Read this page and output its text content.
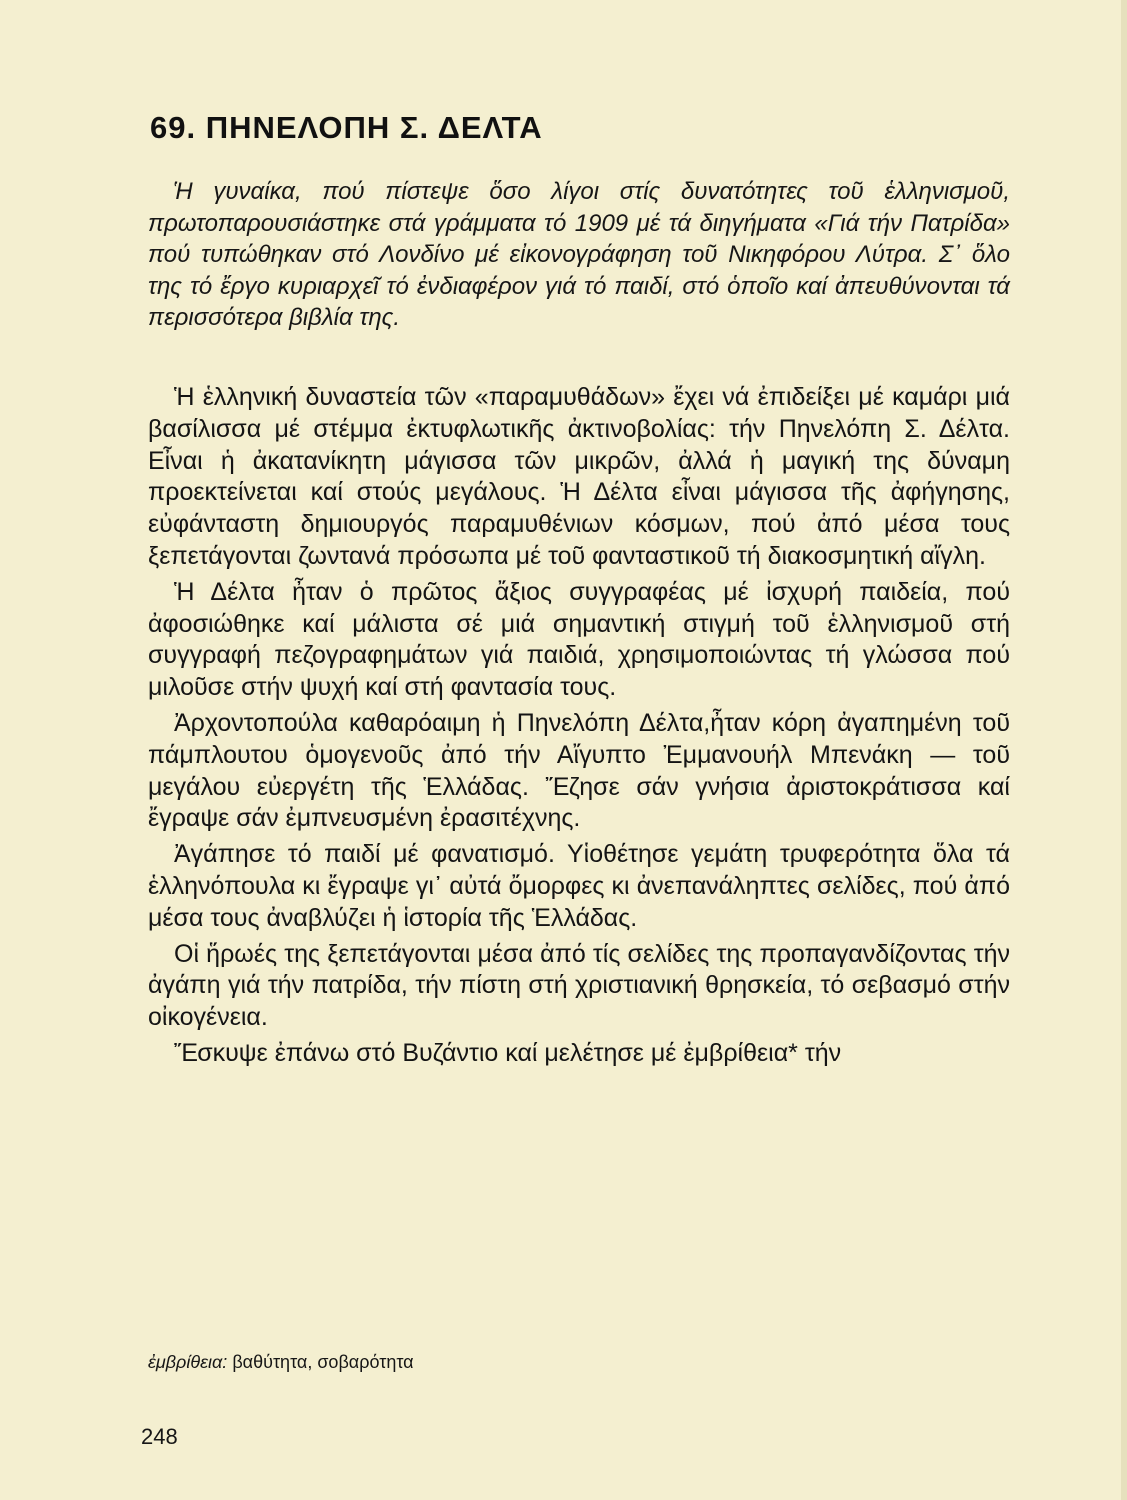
69. ΠΗΝΕΛΟΠΗ Σ. ΔΕΛΤΑ

Ἡ γυναίκα, πού πίστεψε ὅσο λίγοι στίς δυνατότητες τοῦ ἑλληνισμοῦ, πρωτοπαρουσιάστηκε στά γράμματα τό 1909 μέ τά διηγήματα «Γιά τήν Πατρίδα» πού τυπώθηκαν στό Λονδίνο μέ εἰκονογράφηση τοῦ Νικηφόρου Λύτρα. Σ᾿ ὅλο της τό ἔργο κυριαρχεῖ τό ἐνδιαφέρον γιά τό παιδί, στό ὁποῖο καί ἀπευθύνονται τά περισσότερα βιβλία της.

Ἡ ἑλληνική δυναστεία τῶν «παραμυθάδων» ἔχει νά ἐπιδείξει μέ καμάρι μιά βασίλισσα μέ στέμμα ἐκτυφλωτικῆς ἀκτινοβολίας: τήν Πηνελόπη Σ. Δέλτα. Εἶναι ἡ ἀκατανίκητη μάγισσα τῶν μικρῶν, ἀλλά ἡ μαγική της δύναμη προεκτείνεται καί στούς μεγάλους. Ἡ Δέλτα εἶναι μάγισσα τῆς ἀφήγησης, εὐφάνταστη δημιουργός παραμυθένιων κόσμων, πού ἀπό μέσα τους ξεπετάγονται ζωντανά πρόσωπα μέ τοῦ φανταστικοῦ τή διακοσμητική αἴγλη.

Ἡ Δέλτα ἦταν ὁ πρῶτος ἄξιος συγγραφέας μέ ἰσχυρή παιδεία, πού ἀφοσιώθηκε καί μάλιστα σέ μιά σημαντική στιγμή τοῦ ἑλληνισμοῦ στή συγγραφή πεζογραφημάτων γιά παιδιά, χρησιμοποιώντας τή γλώσσα πού μιλοῦσε στήν ψυχή καί στή φαντασία τους.

Ἀρχοντοπούλα καθαρόαιμη ἡ Πηνελόπη Δέλτα,ἦταν κόρη ἀγαπημένη τοῦ πάμπλουτου ὁμογενοῦς ἀπό τήν Αἴγυπτο Ἐμμανουήλ Μπενάκη — τοῦ μεγάλου εὐεργέτη τῆς Ἑλλάδας. Ἔζησε σάν γνήσια ἀριστοκράτισσα καί ἔγραψε σάν ἐμπνευσμένη ἐρασιτέχνης.

Ἀγάπησε τό παιδί μέ φανατισμό. Υἱοθέτησε γεμάτη τρυφερότητα ὅλα τά ἑλληνόπουλα κι ἔγραψε γι᾿ αὐτά ὄμορφες κι ἀνεπανάληπτες σελίδες, πού ἀπό μέσα τους ἀναβλύζει ἡ ἱστορία τῆς Ἑλλάδας.

Οἱ ἥρωές της ξεπετάγονται μέσα ἀπό τίς σελίδες της προπαγανδίζοντας τήν ἀγάπη γιά τήν πατρίδα, τήν πίστη στή χριστιανική θρησκεία, τό σεβασμό στήν οἰκογένεια.

Ἔσκυψε ἐπάνω στό Βυζάντιο καί μελέτησε μέ ἐμβρίθεια* τήν

ἐμβρίθεια: βαθύτητα, σοβαρότητα

248
